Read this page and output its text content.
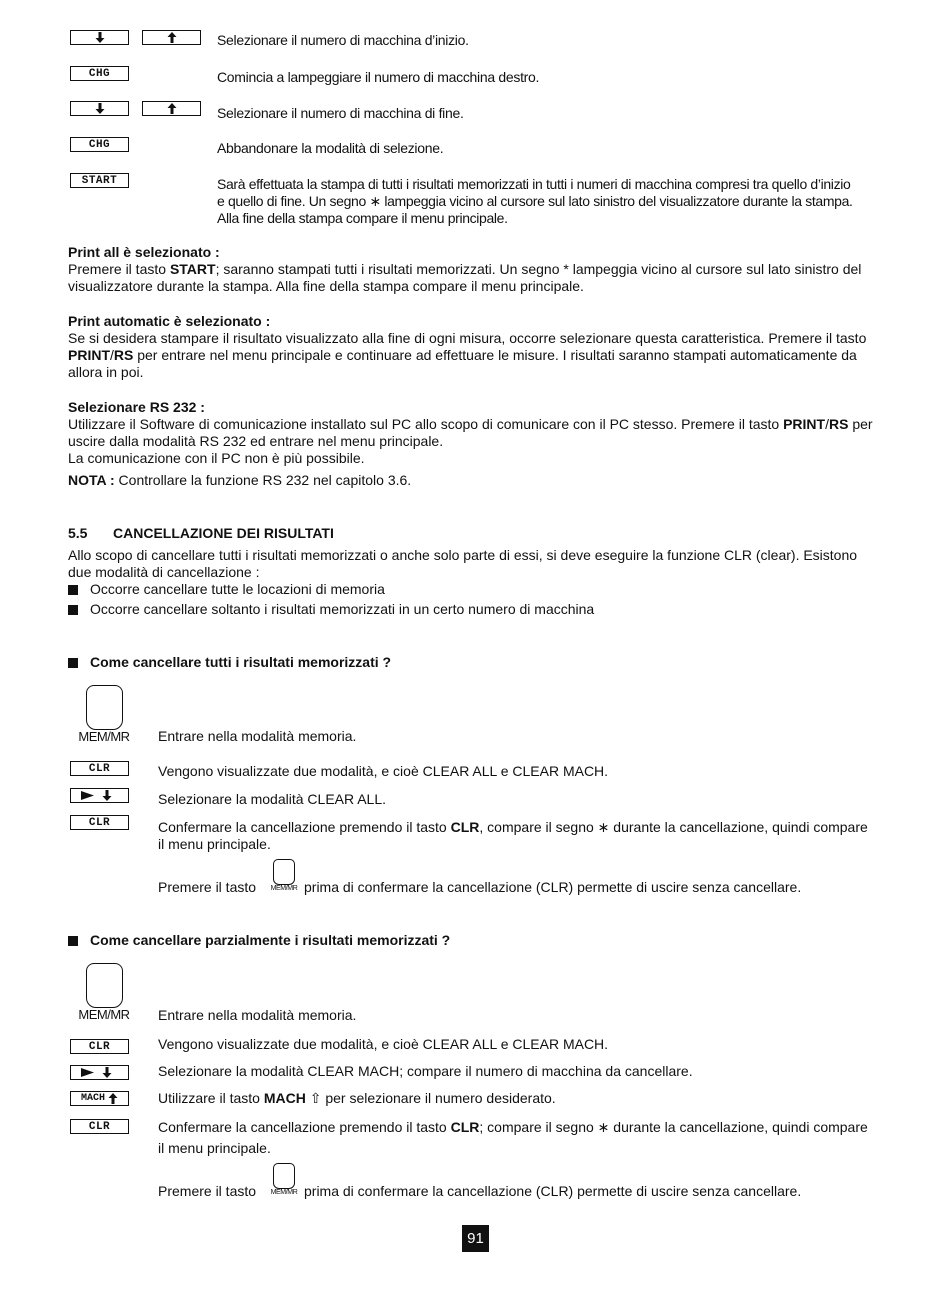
Selezionare il numero di macchina d’inizio.
CHG	Comincia a lampeggiare il numero di macchina destro.
Selezionare il numero di macchina di fine.
CHG	Abbandonare la modalità di selezione.
START	Sarà effettuata la stampa di tutti i risultati memorizzati in tutti i numeri di macchina compresi tra quello d’inizio
e quello di fine. Un segno ∗ lampeggia vicino al cursore sul lato sinistro del visualizzatore durante la stampa.
Alla fine della stampa compare il menu principale.
Print all è selezionato :
Premere il tasto START; saranno stampati tutti i risultati memorizzati. Un segno * lampeggia vicino al cursore sul lato sinistro del
visualizzatore durante la stampa. Alla fine della stampa compare il menu principale.
Print automatic è selezionato :
Se si desidera stampare il risultato visualizzato alla fine di ogni misura, occorre selezionare questa caratteristica. Premere il tasto
PRINT/RS per entrare nel menu principale e continuare ad effettuare le misure. I risultati saranno stampati automaticamente da
allora in poi.
Selezionare RS 232 :
Utilizzare il Software di comunicazione installato sul PC allo scopo di comunicare con il PC stesso. Premere il tasto PRINT/RS per
uscire dalla modalità RS 232 ed entrare nel menu principale.
La comunicazione con il PC non è più possibile.
NOTA : Controllare la funzione RS 232 nel capitolo 3.6.
5.5 CANCELLAZIONE DEI RISULTATI
Allo scopo di cancellare tutti i risultati memorizzati o anche solo parte di essi, si deve eseguire la funzione CLR (clear). Esistono
due modalità di cancellazione :
Occorre cancellare tutte le locazioni di memoria
Occorre cancellare soltanto i risultati memorizzati in un certo numero di macchina
Come cancellare tutti i risultati memorizzati ?
MEM/MR	Entrare nella modalità memoria.
CLR	Vengono visualizzate due modalità, e cioè CLEAR ALL e CLEAR MACH.
Selezionare la modalità CLEAR ALL.
CLR	Confermare la cancellazione premendo il tasto CLR, compare il segno ∗ durante la cancellazione, quindi compare
il menu principale.
Premere il tasto	MEM/MR prima di confermare la cancellazione (CLR) permette di uscire senza cancellare.
Come cancellare parzialmente i risultati memorizzati ?
MEM/MR	Entrare nella modalità memoria.
CLR	Vengono visualizzate due modalità, e cioè CLEAR ALL e CLEAR MACH.
Selezionare la modalità CLEAR MACH; compare il numero di macchina da cancellare.
MACH	Utilizzare il tasto MACH ⇧ per selezionare il numero desiderato.
CLR	Confermare la cancellazione premendo il tasto CLR; compare il segno ∗ durante la cancellazione, quindi compare
il menu principale.
Premere il tasto	MEM/MR prima di confermare la cancellazione (CLR) permette di uscire senza cancellare.
91
